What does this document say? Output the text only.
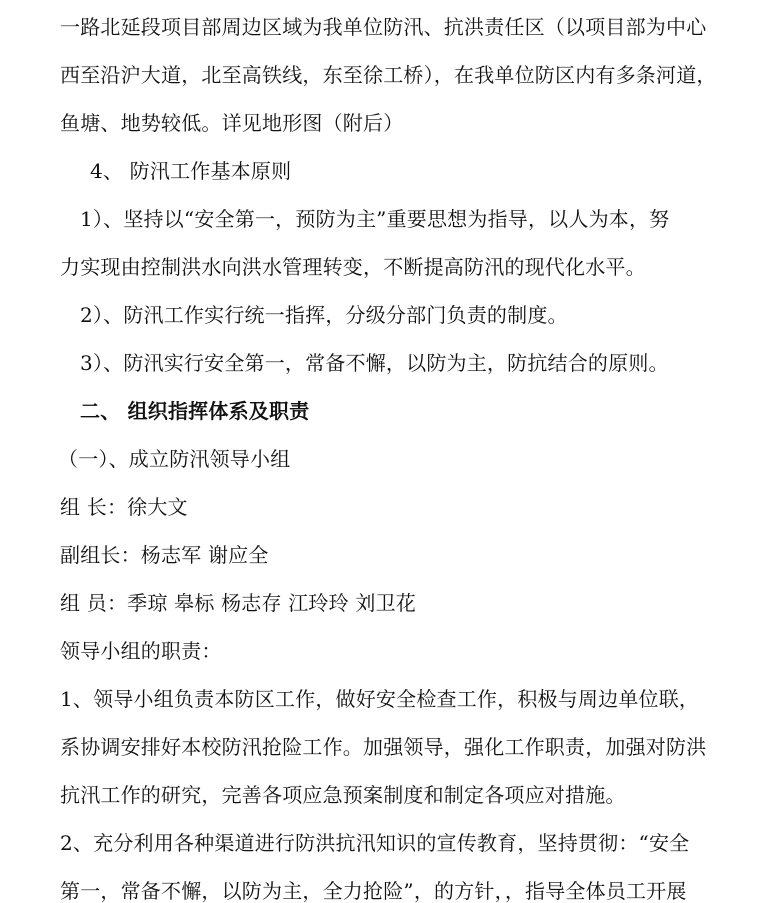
一路北延段项目部周边区域为我单位防汛、抗洪责任区（以项目部为中心
西至沿沪大道，北至高铁线，东至徐工桥），在我单位防区内有多条河道，
鱼塘、地势较低。详见地形图（附后）
4、 防汛工作基本原则
1）、坚持以“安全第一，预防为主”重要思想为指导，以人为本，努
力实现由控制洪水向洪水管理转变，不断提高防汛的现代化水平。
2）、防汛工作实行统一指挥，分级分部门负责的制度。
3）、防汛实行安全第一，常备不懈，以防为主，防抗结合的原则。
二、 组织指挥体系及职责
（一）、成立防汛领导小组
组 长：徐大文
副组长：杨志军 谢应全
组 员：季琼 皋标 杨志存 江玲玲 刘卫花
领导小组的职责：
1、领导小组负责本防区工作，做好安全检查工作，积极与周边单位联，
系协调安排好本校防汛抢险工作。加强领导，强化工作职责，加强对防洪
抗汛工作的研究，完善各项应急预案制度和制定各项应对措施。
2、充分利用各种渠道进行防洪抗汛知识的宣传教育，坚持贯彻：“安全
第一，常备不懈，以防为主，全力抢险”，的方针，，指导全体员工开展
